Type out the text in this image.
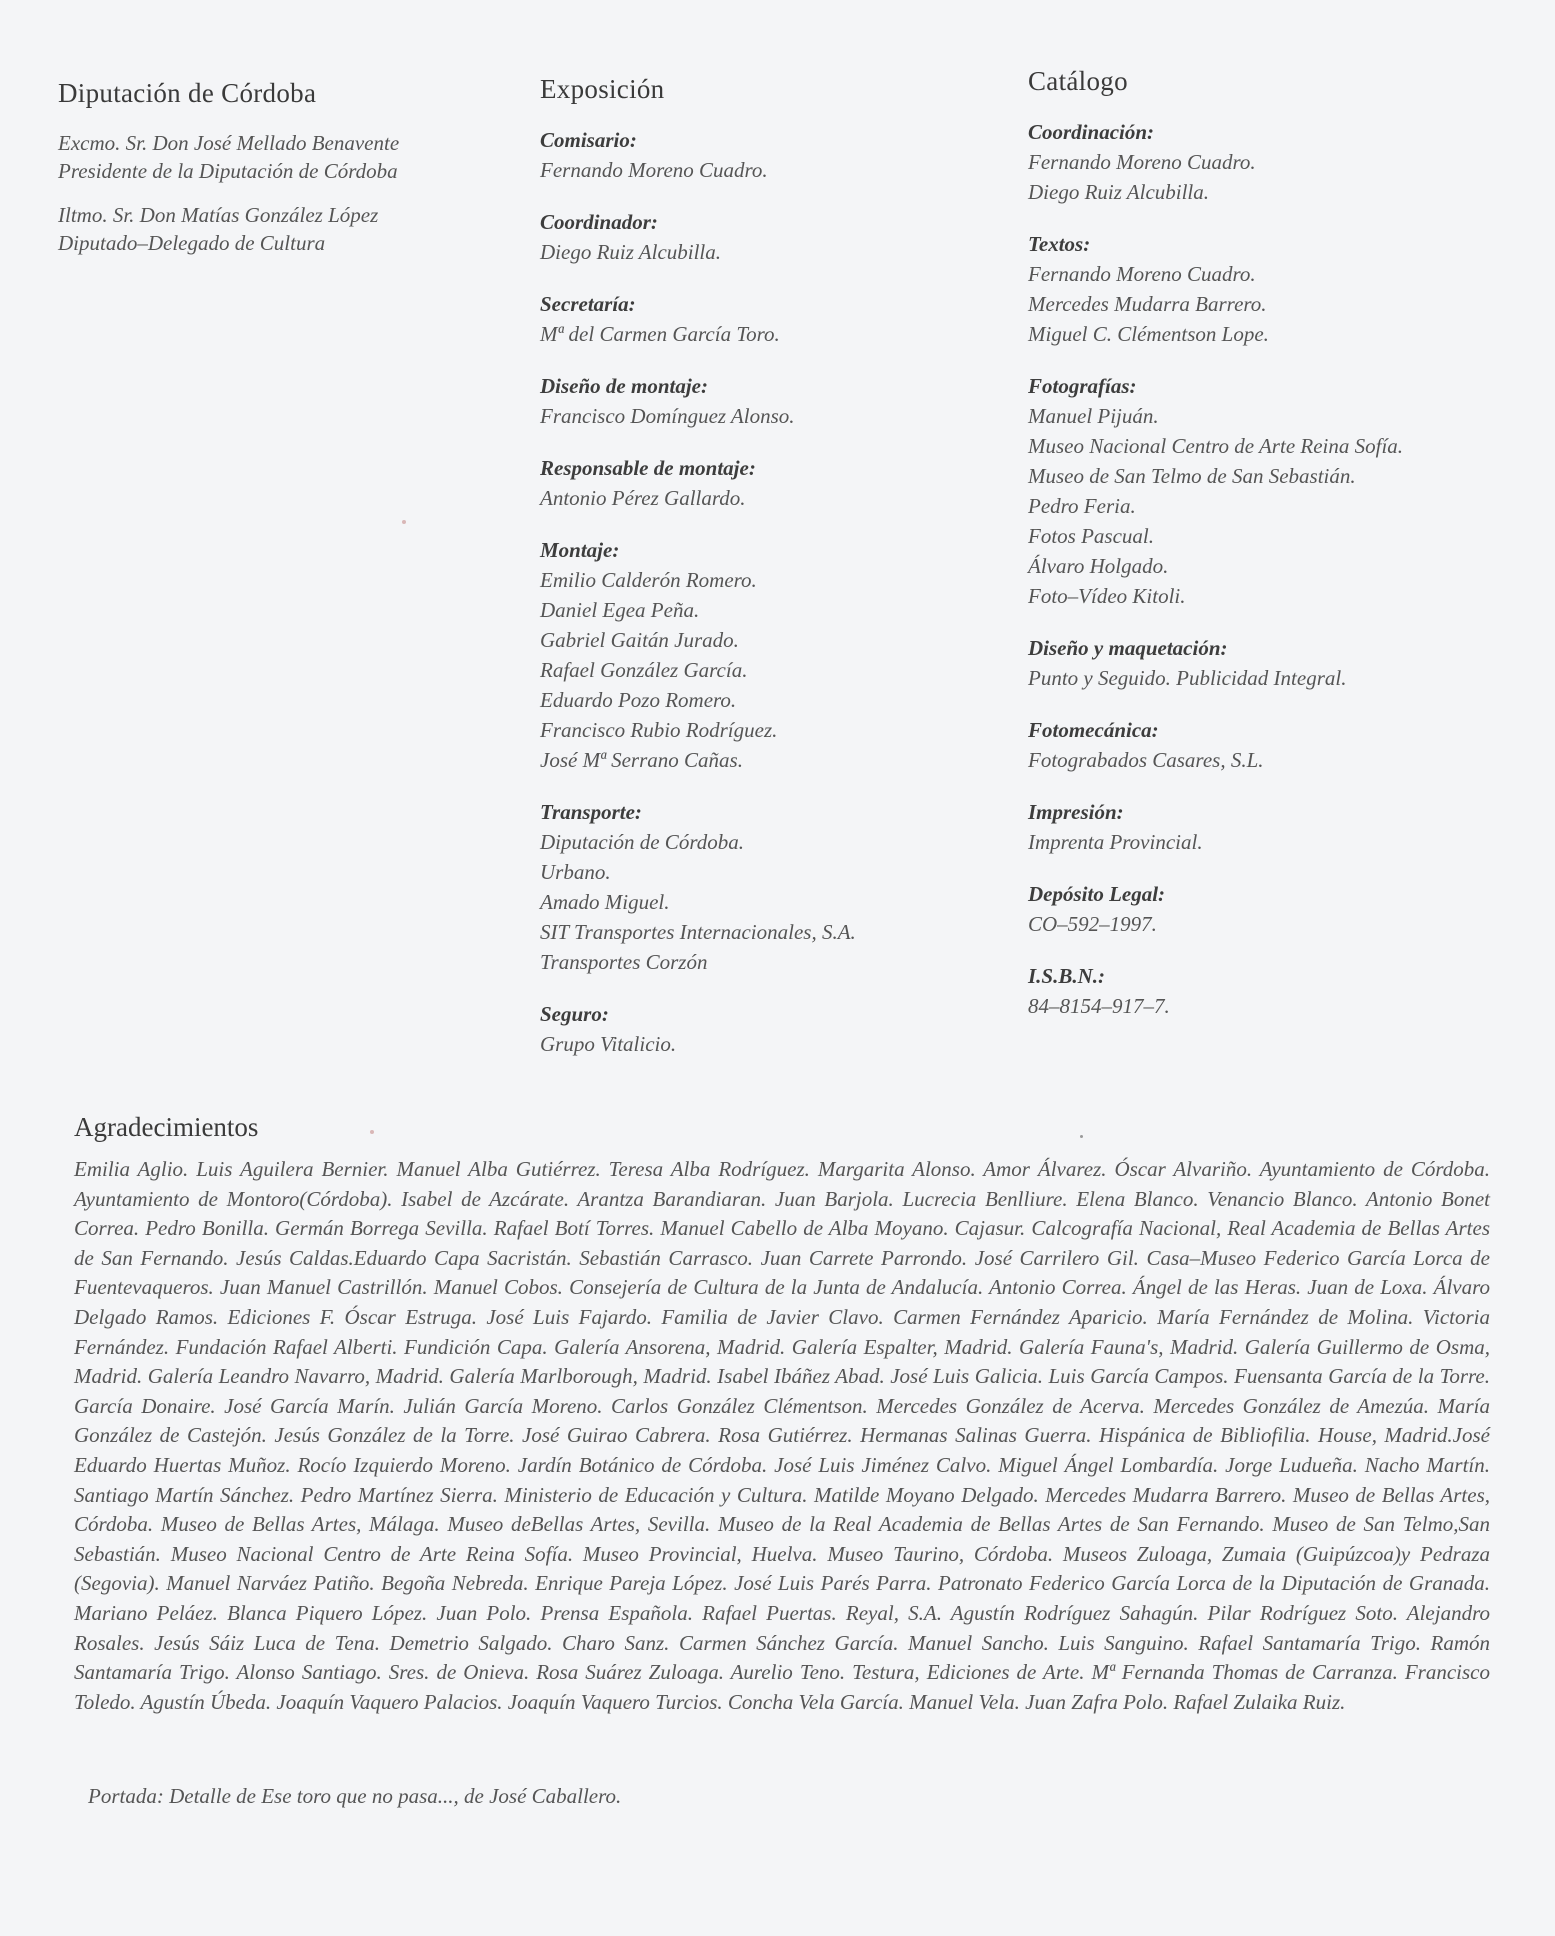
Diputación de Córdoba

Excmo. Sr. Don José Mellado Benavente
Presidente de la Diputación de Córdoba

Iltmo. Sr. Don Matías González López
Diputado–Delegado de Cultura

Exposición
Comisario:
Fernando Moreno Cuadro.
Coordinador:
Diego Ruiz Alcubilla.
Secretaría:
Mª del Carmen García Toro.
Diseño de montaje:
Francisco Domínguez Alonso.
Responsable de montaje:
Antonio Pérez Gallardo.
Montaje:
Emilio Calderón Romero.
Daniel Egea Peña.
Gabriel Gaitán Jurado.
Rafael González García.
Eduardo Pozo Romero.
Francisco Rubio Rodríguez.
José Mª Serrano Cañas.
Transporte:
Diputación de Córdoba.
Urbano.
Amado Miguel.
SIT Transportes Internacionales, S.A.
Transportes Corzón
Seguro:
Grupo Vitalicio.
Catálogo
Coordinación:
Fernando Moreno Cuadro.
Diego Ruiz Alcubilla.
Textos:
Fernando Moreno Cuadro.
Mercedes Mudarra Barrero.
Miguel C. Clémentson Lope.
Fotografías:
Manuel Pijuán.
Museo Nacional Centro de Arte Reina Sofía.
Museo de San Telmo de San Sebastián.
Pedro Feria.
Fotos Pascual.
Álvaro Holgado.
Foto–Vídeo Kitoli.
Diseño y maquetación:
Punto y Seguido. Publicidad Integral.
Fotomecánica:
Fotograbados Casares, S.L.
Impresión:
Imprenta Provincial.
Depósito Legal:
CO–592–1997.
I.S.B.N.:
84–8154–917–7.
Agradecimientos

Emilia Aglio. Luis Aguilera Bernier. Manuel Alba Gutiérrez. Teresa Alba Rodríguez. Margarita Alonso. Amor Álvarez. Óscar Alvariño. Ayuntamiento de Córdoba. Ayuntamiento de Montoro(Córdoba). Isabel de Azcárate. Arantza Barandiaran. Juan Barjola. Lucrecia Benlliure. Elena Blanco. Venancio Blanco. Antonio Bonet Correa. Pedro Bonilla. Germán Borrega Sevilla. Rafael Botí Torres. Manuel Cabello de Alba Moyano. Cajasur. Calcografía Nacional, Real Academia de Bellas Artes de San Fernando. Jesús Caldas.Eduardo Capa Sacristán. Sebastián Carrasco. Juan Carrete Parrondo. José Carrilero Gil. Casa–Museo Federico García Lorca de Fuentevaqueros. Juan Manuel Castrillón. Manuel Cobos. Consejería de Cultura de la Junta de Andalucía. Antonio Correa. Ángel de las Heras. Juan de Loxa. Álvaro Delgado Ramos. Ediciones F. Óscar Estruga. José Luis Fajardo. Familia de Javier Clavo. Carmen Fernández Aparicio. María Fernández de Molina. Victoria Fernández. Fundación Rafael Alberti. Fundición Capa. Galería Ansorena, Madrid. Galería Espalter, Madrid. Galería Fauna's, Madrid. Galería Guillermo de Osma, Madrid. Galería Leandro Navarro, Madrid. Galería Marlborough, Madrid. Isabel Ibáñez Abad. José Luis Galicia. Luis García Campos. Fuensanta García de la Torre. García Donaire. José García Marín. Julián García Moreno. Carlos González Clémentson. Mercedes González de Acerva. Mercedes González de Amezúa. María González de Castejón. Jesús González de la Torre. José Guirao Cabrera. Rosa Gutiérrez. Hermanas Salinas Guerra. Hispánica de Bibliofilia. House, Madrid.José Eduardo Huertas Muñoz. Rocío Izquierdo Moreno. Jardín Botánico de Córdoba. José Luis Jiménez Calvo. Miguel Ángel Lombardía. Jorge Ludueña. Nacho Martín. Santiago Martín Sánchez. Pedro Martínez Sierra. Ministerio de Educación y Cultura. Matilde Moyano Delgado. Mercedes Mudarra Barrero. Museo de Bellas Artes, Córdoba. Museo de Bellas Artes, Málaga. Museo deBellas Artes, Sevilla. Museo de la Real Academia de Bellas Artes de San Fernando. Museo de San Telmo,San Sebastián. Museo Nacional Centro de Arte Reina Sofía. Museo Provincial, Huelva. Museo Taurino, Córdoba. Museos Zuloaga, Zumaia (Guipúzcoa)y Pedraza (Segovia). Manuel Narváez Patiño. Begoña Nebreda. Enrique Pareja López. José Luis Parés Parra. Patronato Federico García Lorca de la Diputación de Granada. Mariano Peláez. Blanca Piquero López. Juan Polo. Prensa Española. Rafael Puertas. Reyal, S.A. Agustín Rodríguez Sahagún. Pilar Rodríguez Soto. Alejandro Rosales. Jesús Sáiz Luca de Tena. Demetrio Salgado. Charo Sanz. Carmen Sánchez García. Manuel Sancho. Luis Sanguino. Rafael Santamaría Trigo. Ramón Santamaría Trigo. Alonso Santiago. Sres. de Onieva. Rosa Suárez Zuloaga. Aurelio Teno. Testura, Ediciones de Arte. Mª Fernanda Thomas de Carranza. Francisco Toledo. Agustín Úbeda. Joaquín Vaquero Palacios. Joaquín Vaquero Turcios. Concha Vela García. Manuel Vela. Juan Zafra Polo. Rafael Zulaika Ruiz.

Portada: Detalle de Ese toro que no pasa..., de José Caballero.
